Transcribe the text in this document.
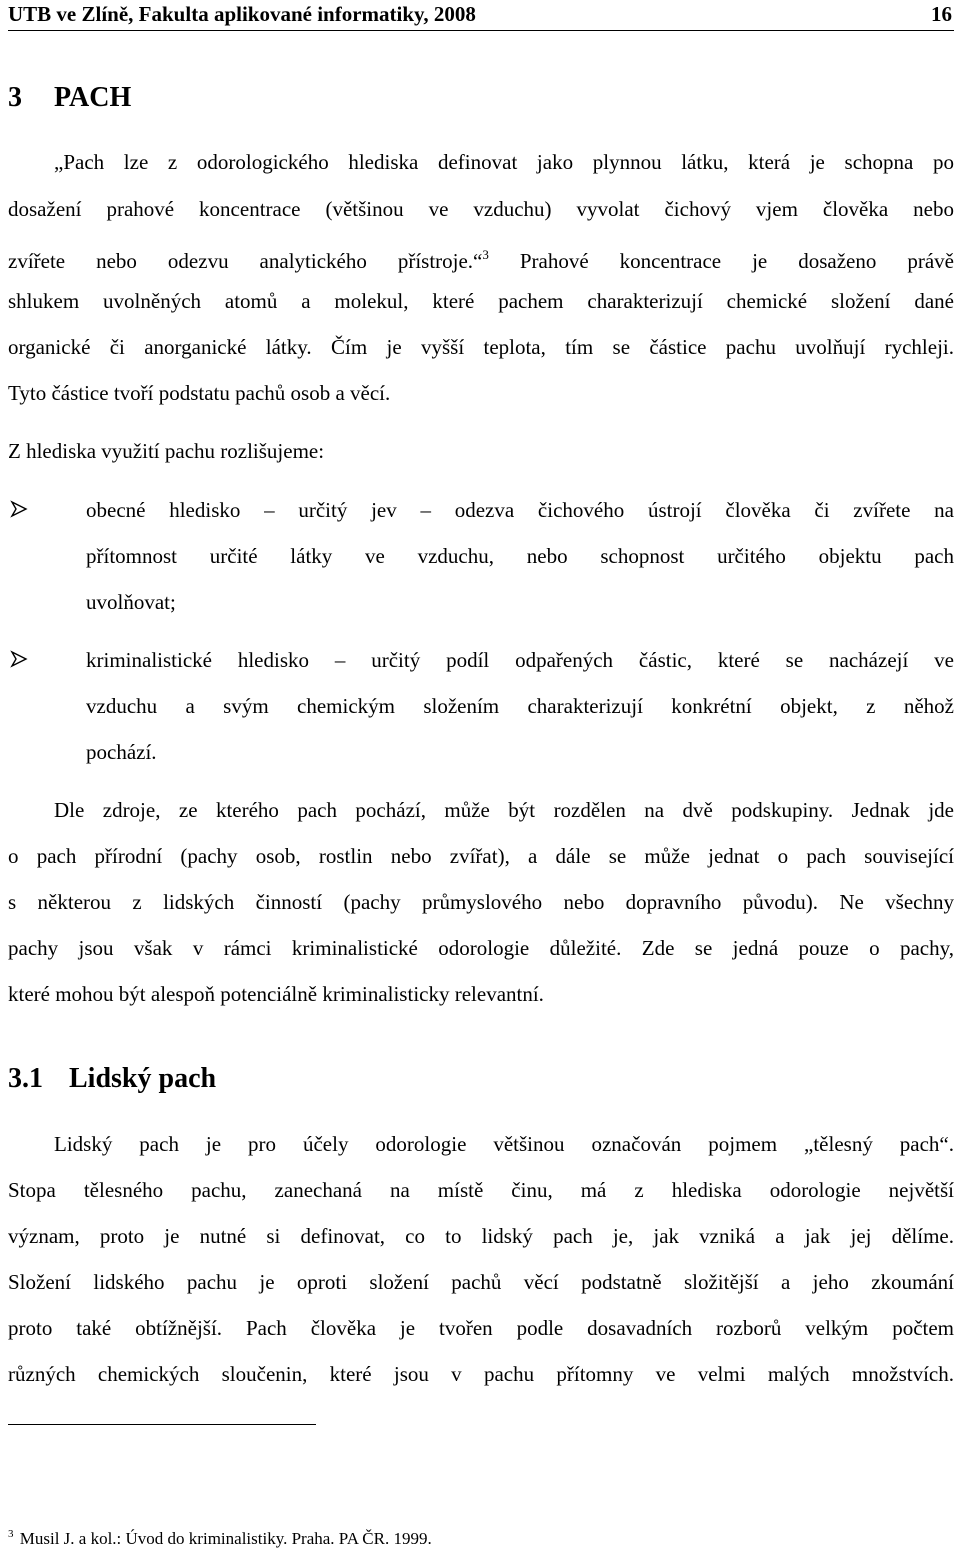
UTB ve Zlíně, Fakulta aplikované informatiky, 2008	16
3 PACH
„Pach lze z odorologického hlediska definovat jako plynnou látku, která je schopna po
dosažení prahové koncentrace (většinou ve vzduchu) vyvolat čichový vjem člověka nebo
zvířete nebo odezvu analytického přístroje.“$^3$ Prahové koncentrace je dosaženo právě
shlukem uvolněných atomů a molekul, které pachem charakterizují chemické složení dané
organické či anorganické látky. Čím je vyšší teplota, tím se částice pachu uvolňují rychleji.
Tyto částice tvoří podstatu pachů osob a věcí.
Z hlediska využití pachu rozlišujeme:
obecné hledisko – určitý jev – odezva čichového ústrojí člověka či zvířete na
přítomnost určité látky ve vzduchu, nebo schopnost určitého objektu pach
uvolňovat;
kriminalistické hledisko – určitý podíl odpařených částic, které se nacházejí ve
vzduchu a svým chemickým složením charakterizují konkrétní objekt, z něhož
pochází.
Dle zdroje, ze kterého pach pochází, může být rozdělen na dvě podskupiny. Jednak jde
o pach přírodní (pachy osob, rostlin nebo zvířat), a dále se může jednat o pach související
s některou z lidských činností (pachy průmyslového nebo dopravního původu). Ne všechny
pachy jsou však v rámci kriminalistické odorologie důležité. Zde se jedná pouze o pachy,
které mohou být alespoň potenciálně kriminalisticky relevantní.
3.1 Lidský pach
Lidský pach je pro účely odorologie většinou označován pojmem „tělesný pach“.
Stopa tělesného pachu, zanechaná na místě činu, má z hlediska odorologie největší
význam, proto je nutné si definovat, co to lidský pach je, jak vzniká a jak jej dělíme.
Složení lidského pachu je oproti složení pachů věcí podstatně složitější a jeho zkoumání
proto také obtížnější. Pach člověka je tvořen podle dosavadních rozborů velkým počtem
různých chemických sloučenin, které jsou v pachu přítomny ve velmi malých množstvích.
$^3$ Musil J. a kol.: Úvod do kriminalistiky. Praha. PA ČR. 1999.
